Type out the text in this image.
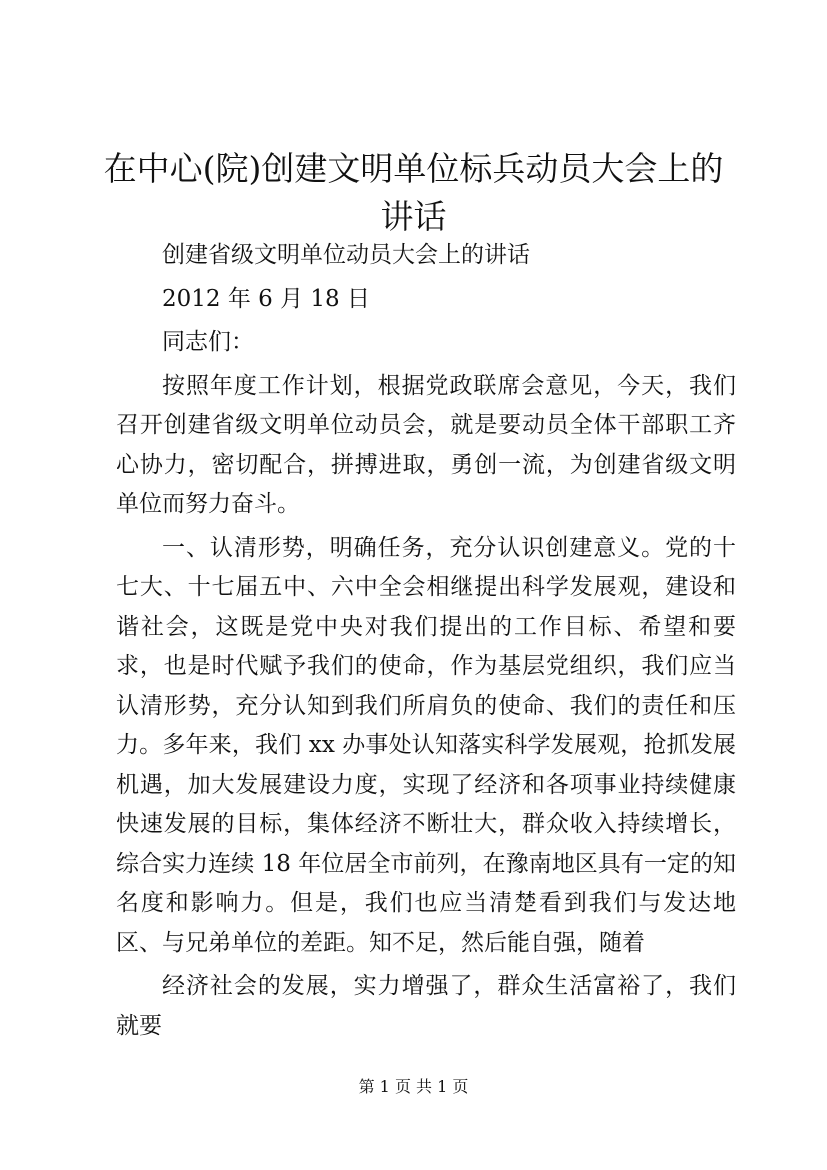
在中心(院)创建文明单位标兵动员大会上的讲话

创建省级文明单位动员大会上的讲话

2012 年 6 月 18 日

同志们：

按照年度工作计划，根据党政联席会意见，今天，我们召开创建省级文明单位动员会，就是要动员全体干部职工齐心协力，密切配合，拼搏进取，勇创一流，为创建省级文明单位而努力奋斗。

一、认清形势，明确任务，充分认识创建意义。党的十七大、十七届五中、六中全会相继提出科学发展观，建设和谐社会，这既是党中央对我们提出的工作目标、希望和要求，也是时代赋予我们的使命，作为基层党组织，我们应当认清形势，充分认知到我们所肩负的使命、我们的责任和压力。多年来，我们 xx 办事处认知落实科学发展观，抢抓发展机遇，加大发展建设力度，实现了经济和各项事业持续健康快速发展的目标，集体经济不断壮大，群众收入持续增长，综合实力连续 18 年位居全市前列，在豫南地区具有一定的知名度和影响力。但是，我们也应当清楚看到我们与发达地区、与兄弟单位的差距。知不足，然后能自强，随着

经济社会的发展，实力增强了，群众生活富裕了，我们就要

第 1 页 共 1 页
